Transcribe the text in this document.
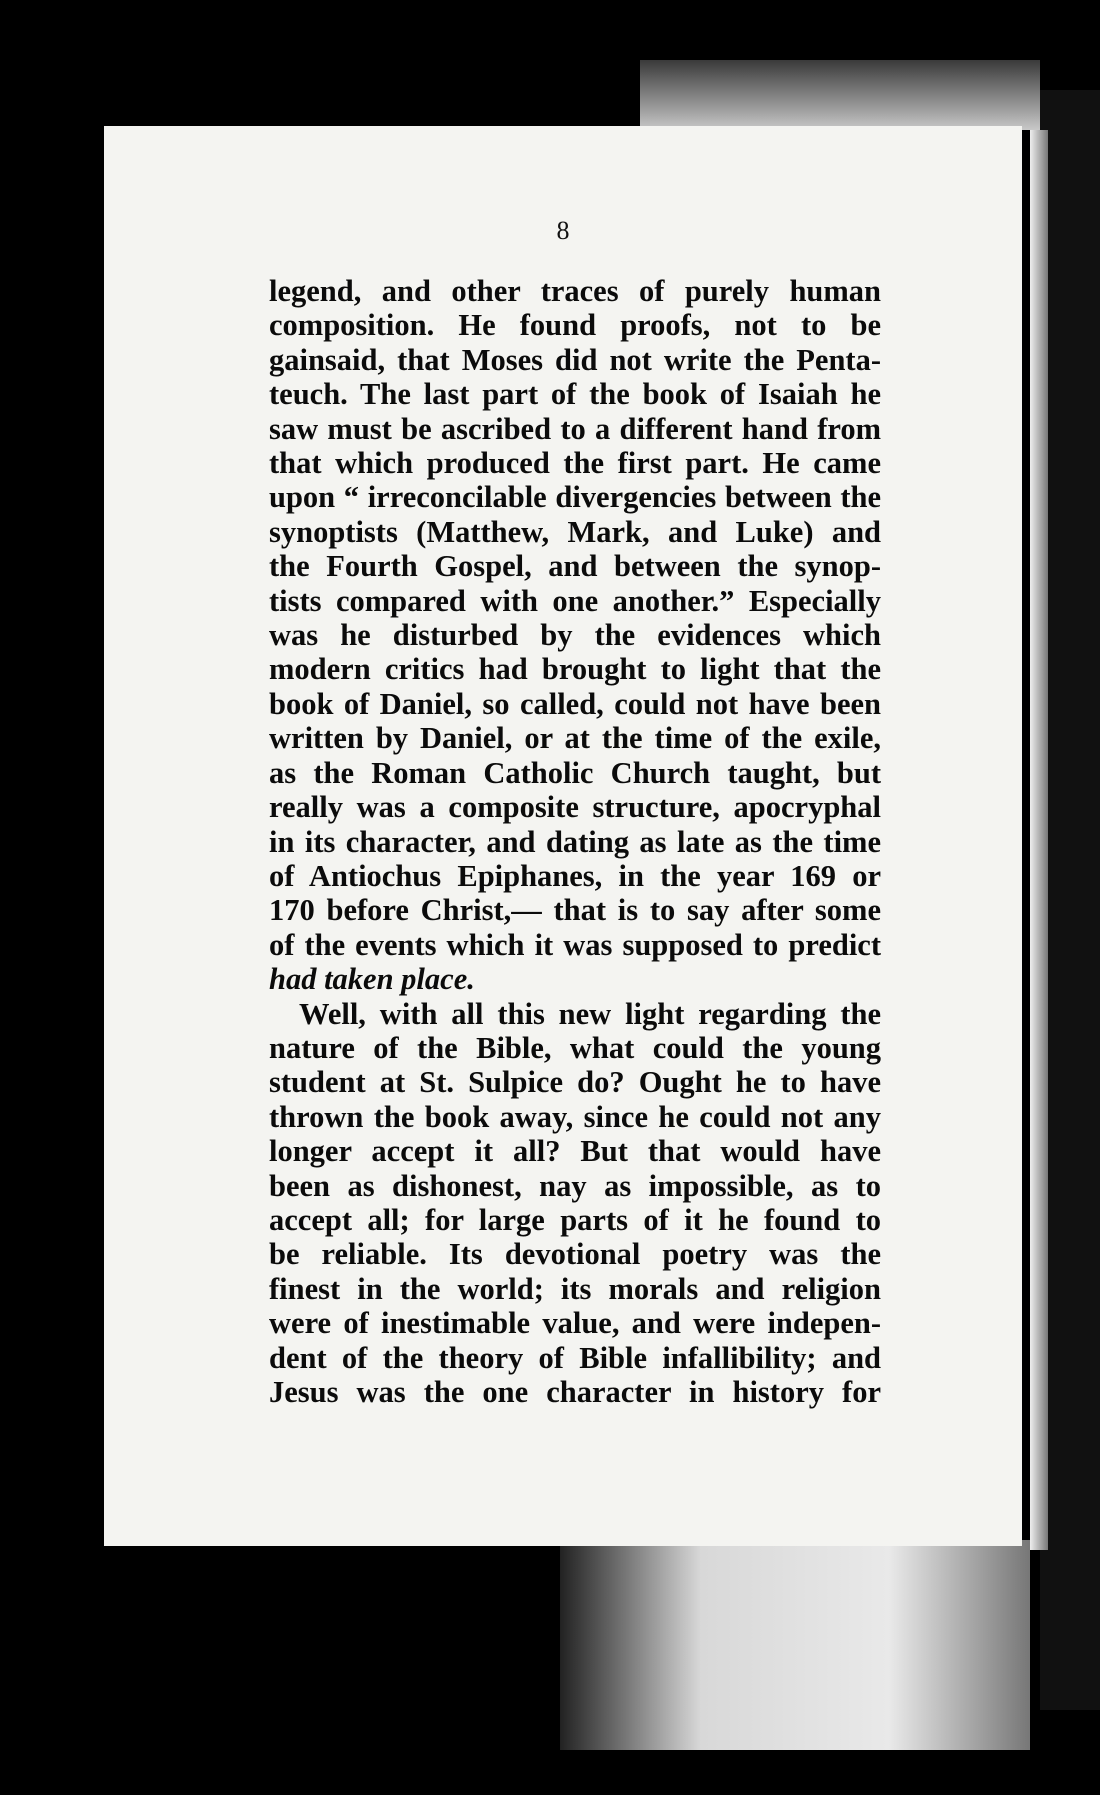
8
legend, and other traces of purely human
composition. He found proofs, not to be
gainsaid, that Moses did not write the Penta-
teuch. The last part of the book of Isaiah he
saw must be ascribed to a different hand from
that which produced the first part. He came
upon “ irreconcilable divergencies between the
synoptists (Matthew, Mark, and Luke) and
the Fourth Gospel, and between the synop-
tists compared with one another.” Especially
was he disturbed by the evidences which
modern critics had brought to light that the
book of Daniel, so called, could not have been
written by Daniel, or at the time of the exile,
as the Roman Catholic Church taught, but
really was a composite structure, apocryphal
in its character, and dating as late as the time
of Antiochus Epiphanes, in the year 169 or
170 before Christ,— that is to say after some
of the events which it was supposed to predict
had taken place.
Well, with all this new light regarding the
nature of the Bible, what could the young
student at St. Sulpice do? Ought he to have
thrown the book away, since he could not any
longer accept it all? But that would have
been as dishonest, nay as impossible, as to
accept all; for large parts of it he found to
be reliable. Its devotional poetry was the
finest in the world; its morals and religion
were of inestimable value, and were indepen-
dent of the theory of Bible infallibility; and
Jesus was the one character in history for
